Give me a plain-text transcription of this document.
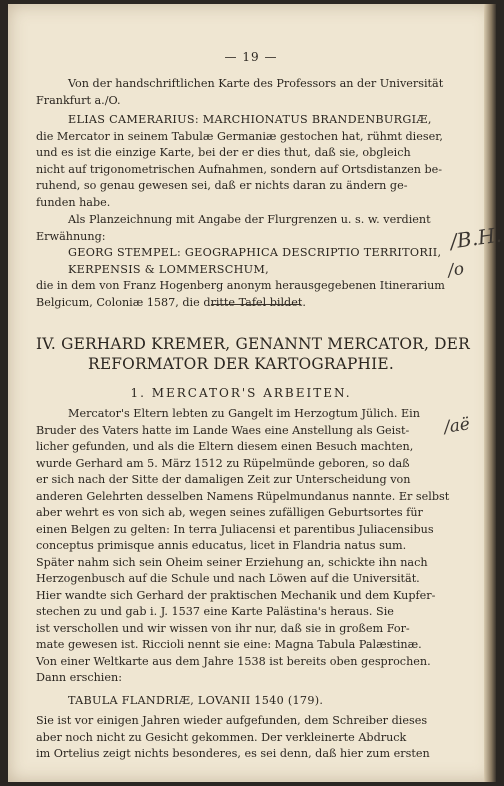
— 19 —
Von der handschriftlichen Karte des Professors an der Universität
Frankfurt a./O.
ELIAS CAMERARIUS: MARCHIONATUS BRANDENBURGIÆ,
die Mercator in seinem Tabulæ Germaniæ gestochen hat, rühmt dieser,
und es ist die einzige Karte, bei der er dies thut, daß sie, obgleich
nicht auf trigonometrischen Aufnahmen, sondern auf Ortsdistanzen be-
ruhend, so genau gewesen sei, daß er nichts daran zu ändern ge-
funden habe.
Als Planzeichnung mit Angabe der Flurgrenzen u. s. w. verdient
Erwähnung:
GEORG STEMPEL: GEOGRAPHICA DESCRIPTIO TERRITORII,
KERPENSIS & LOMMERSCHUM,
die in dem von Franz Hogenberg anonym herausgegebenen Itinerarium
Belgicum, Coloniæ 1587, die dritte Tafel bildet.
IV. GERHARD KREMER, GENANNT MERCATOR, DER
REFORMATOR DER KARTOGRAPHIE.
1. MERCATOR'S ARBEITEN.
Mercator's Eltern lebten zu Gangelt im Herzogtum Jülich. Ein
Bruder des Vaters hatte im Lande Waes eine Anstellung als Geist-
licher gefunden, und als die Eltern diesem einen Besuch machten,
wurde Gerhard am 5. März 1512 zu Rüpelmünde geboren, so daß
er sich nach der Sitte der damaligen Zeit zur Unterscheidung von
anderen Gelehrten desselben Namens Rüpelmundanus nannte. Er selbst
aber wehrt es von sich ab, wegen seines zufälligen Geburtsortes für
einen Belgen zu gelten: In terra Juliacensi et parentibus Juliacensibus
conceptus primisque annis educatus, licet in Flandria natus sum.
Später nahm sich sein Oheim seiner Erziehung an, schickte ihn nach
Herzogenbusch auf die Schule und nach Löwen auf die Universität.
Hier wandte sich Gerhard der praktischen Mechanik und dem Kupfer-
stechen zu und gab i. J. 1537 eine Karte Palästina's heraus. Sie
ist verschollen und wir wissen von ihr nur, daß sie in großem For-
mate gewesen ist. Riccioli nennt sie eine: Magna Tabula Palæstinæ.
Von einer Weltkarte aus dem Jahre 1538 ist bereits oben gesprochen.
Dann erschien:
TABULA FLANDRIÆ, LOVANII 1540 (179).
Sie ist vor einigen Jahren wieder aufgefunden, dem Schreiber dieses
aber noch nicht zu Gesicht gekommen. Der verkleinerte Abdruck
im Ortelius zeigt nichts besonderes, es sei denn, daß hier zum ersten
/B.H.
/o
/aë
